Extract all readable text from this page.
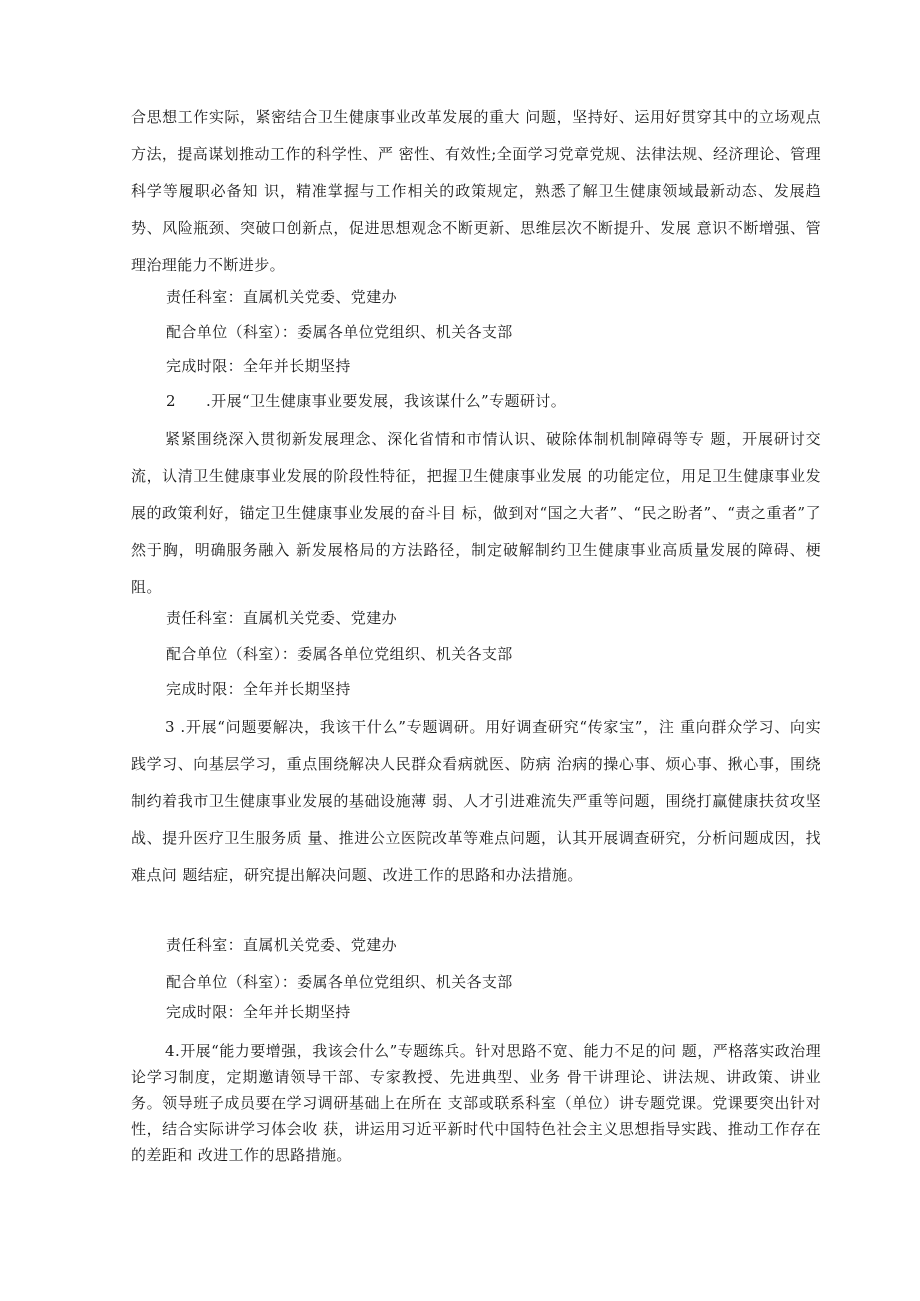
合思想工作实际，紧密结合卫生健康事业改革发展的重大 问题，坚持好、运用好贯穿其中的立场观点方法，提高谋划推动工作的科学性、严 密性、有效性;全面学习党章党规、法律法规、经济理论、管理科学等履职必备知 识，精准掌握与工作相关的政策规定，熟悉了解卫生健康领域最新动态、发展趋 势、风险瓶颈、突破口创新点，促进思想观念不断更新、思维层次不断提升、发展 意识不断增强、管理治理能力不断进步。

责任科室：直属机关党委、党建办

配合单位（科室）：委属各单位党组织、机关各支部

完成时限：全年并长期坚持

2 .开展“卫生健康事业要发展，我该谋什么”专题研讨。

紧紧围绕深入贯彻新发展理念、深化省情和市情认识、破除体制机制障碍等专 题，开展研讨交流，认清卫生健康事业发展的阶段性特征，把握卫生健康事业发展 的功能定位，用足卫生健康事业发展的政策利好，锚定卫生健康事业发展的奋斗目 标，做到对“国之大者”、“民之盼者”、“责之重者”了然于胸，明确服务融入 新发展格局的方法路径，制定破解制约卫生健康事业高质量发展的障碍、梗阻。

责任科室：直属机关党委、党建办

配合单位（科室）：委属各单位党组织、机关各支部

完成时限：全年并长期坚持

3 .开展“问题要解决，我该干什么”专题调研。用好调查研究“传家宝”，注 重向群众学习、向实践学习、向基层学习，重点围绕解决人民群众看病就医、防病 治病的操心事、烦心事、揪心事，围绕制约着我市卫生健康事业发展的基础设施薄 弱、人才引进难流失严重等问题，围绕打赢健康扶贫攻坚战、提升医疗卫生服务质 量、推进公立医院改革等难点问题，认其开展调查研究，分析问题成因，找难点问 题结症，研究提出解决问题、改进工作的思路和办法措施。

责任科室：直属机关党委、党建办

配合单位（科室）：委属各单位党组织、机关各支部

完成时限：全年并长期坚持

4.开展“能力要增强，我该会什么”专题练兵。针对思路不宽、能力不足的问 题，严格落实政治理论学习制度，定期邀请领导干部、专家教授、先进典型、业务 骨干讲理论、讲法规、讲政策、讲业务。领导班子成员要在学习调研基础上在所在 支部或联系科室（单位）讲专题党课。党课要突出针对性，结合实际讲学习体会收 获，讲运用习近平新时代中国特色社会主义思想指导实践、推动工作存在的差距和 改进工作的思路措施。
